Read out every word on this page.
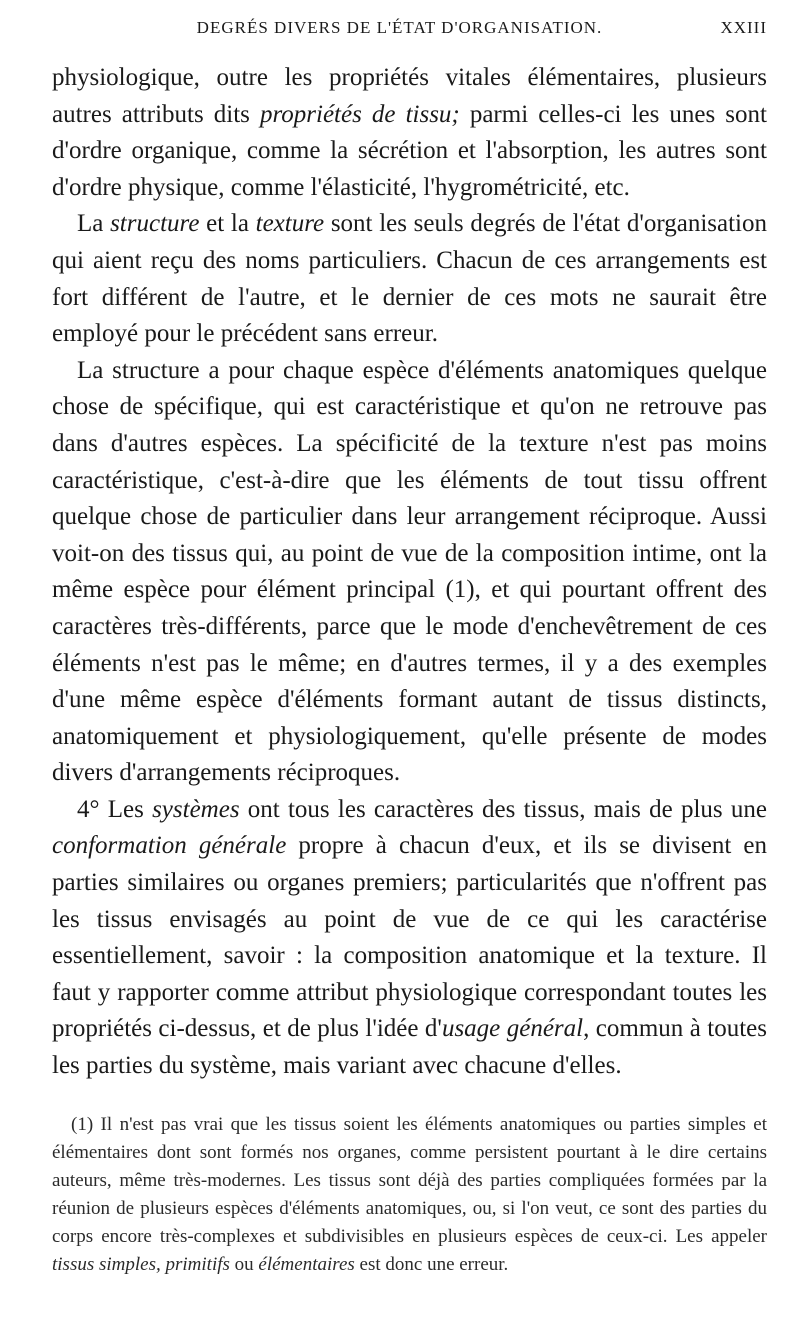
DEGRÉS DIVERS DE L'ÉTAT D'ORGANISATION.	XXIII

physiologique, outre les propriétés vitales élémentaires, plusieurs autres attributs dits propriétés de tissu; parmi celles-ci les unes sont d'ordre organique, comme la sécrétion et l'absorption, les autres sont d'ordre physique, comme l'élasticité, l'hygrométricité, etc.

 La structure et la texture sont les seuls degrés de l'état d'organisation qui aient reçu des noms particuliers. Chacun de ces arrangements est fort différent de l'autre, et le dernier de ces mots ne saurait être employé pour le précédent sans erreur.

 La structure a pour chaque espèce d'éléments anatomiques quelque chose de spécifique, qui est caractéristique et qu'on ne retrouve pas dans d'autres espèces. La spécificité de la texture n'est pas moins caractéristique, c'est-à-dire que les éléments de tout tissu offrent quelque chose de particulier dans leur arrangement réciproque. Aussi voit-on des tissus qui, au point de vue de la composition intime, ont la même espèce pour élément principal (1), et qui pourtant offrent des caractères très-différents, parce que le mode d'enchevêtrement de ces éléments n'est pas le même; en d'autres termes, il y a des exemples d'une même espèce d'éléments formant autant de tissus distincts, anatomiquement et physiologiquement, qu'elle présente de modes divers d'arrangements réciproques.

 4° Les systèmes ont tous les caractères des tissus, mais de plus une conformation générale propre à chacun d'eux, et ils se divisent en parties similaires ou organes premiers; particularités que n'offrent pas les tissus envisagés au point de vue de ce qui les caractérise essentiellement, savoir : la composition anatomique et la texture. Il faut y rapporter comme attribut physiologique correspondant toutes les propriétés ci-dessus, et de plus l'idée d'usage général, commun à toutes les parties du système, mais variant avec chacune d'elles.

 (1) Il n'est pas vrai que les tissus soient les éléments anatomiques ou parties simples et élémentaires dont sont formés nos organes, comme persistent pourtant à le dire certains auteurs, même très-modernes. Les tissus sont déjà des parties compliquées formées par la réunion de plusieurs espèces d'éléments anatomiques, ou, si l'on veut, ce sont des parties du corps encore très-complexes et subdivisibles en plusieurs espèces de ceux-ci. Les appeler tissus simples, primitifs ou élémentaires est donc une erreur.
